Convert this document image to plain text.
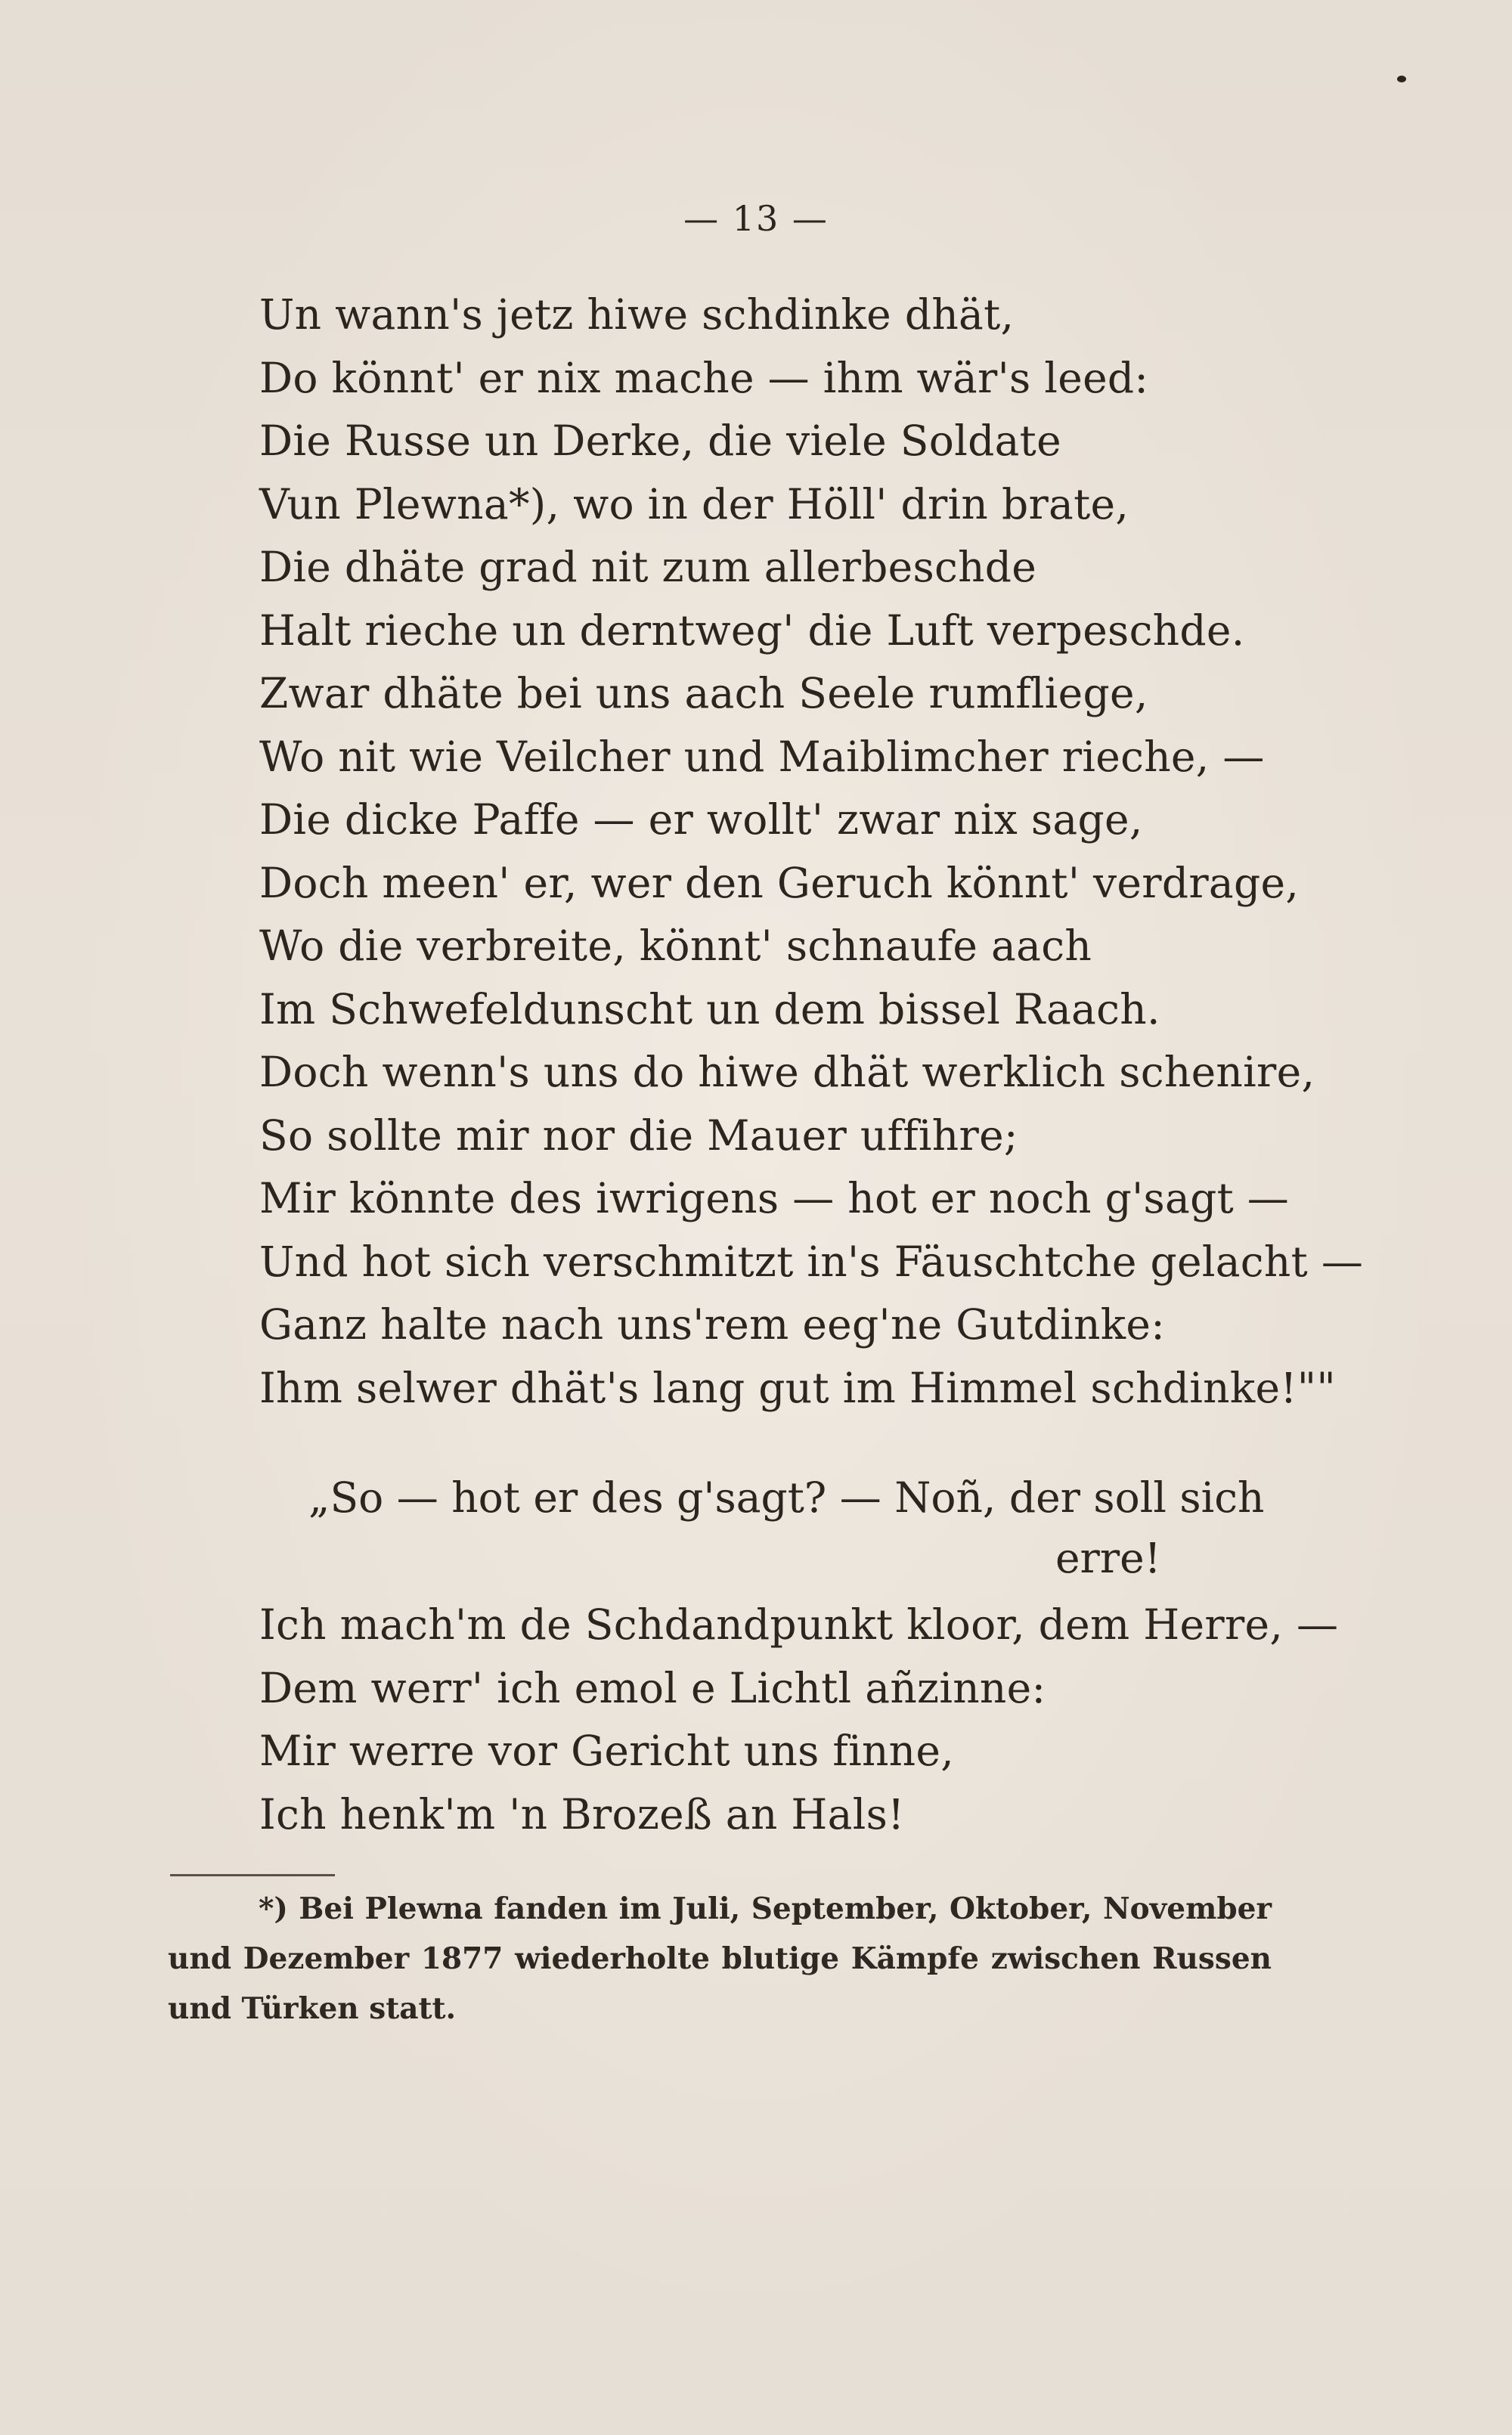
— 13 —
Un wann's jetz hiwe schdinke dhät,
Do könnt' er nix mache — ihm wär's leed:
Die Russe un Derke, die viele Soldate
Vun Plewna*), wo in der Höll' drin brate,
Die dhäte grad nit zum allerbeschde
Halt rieche un derntweg' die Luft verpeschde.
Zwar dhäte bei uns aach Seele rumfliege,
Wo nit wie Veilcher und Maiblimcher rieche, —
Die dicke Paffe — er wollt' zwar nix sage,
Doch meen' er, wer den Geruch könnt' verdrage,
Wo die verbreite, könnt' schnaufe aach
Im Schwefeldunscht un dem bissel Raach.
Doch wenn's uns do hiwe dhät werklich schenire,
So sollte mir nor die Mauer uffihre;
Mir könnte des iwrigens — hot er noch g'sagt —
Und hot sich verschmitzt in's Fäuschtche gelacht —
Ganz halte nach uns'rem eeg'ne Gutdinke:
Ihm selwer dhät's lang gut im Himmel schdinke!""
„So — hot er des g'sagt? — Noñ, der soll sich
erre!
Ich mach'm de Schdandpunkt kloor, dem Herre, —
Dem werr' ich emol e Lichtl añzinne:
Mir werre vor Gericht uns finne,
Ich henk'm 'n Brozeß an Hals!
*) Bei Plewna fanden im Juli, September, Oktober, November und Dezember 1877 wiederholte blutige Kämpfe zwischen Russen und Türken statt.
